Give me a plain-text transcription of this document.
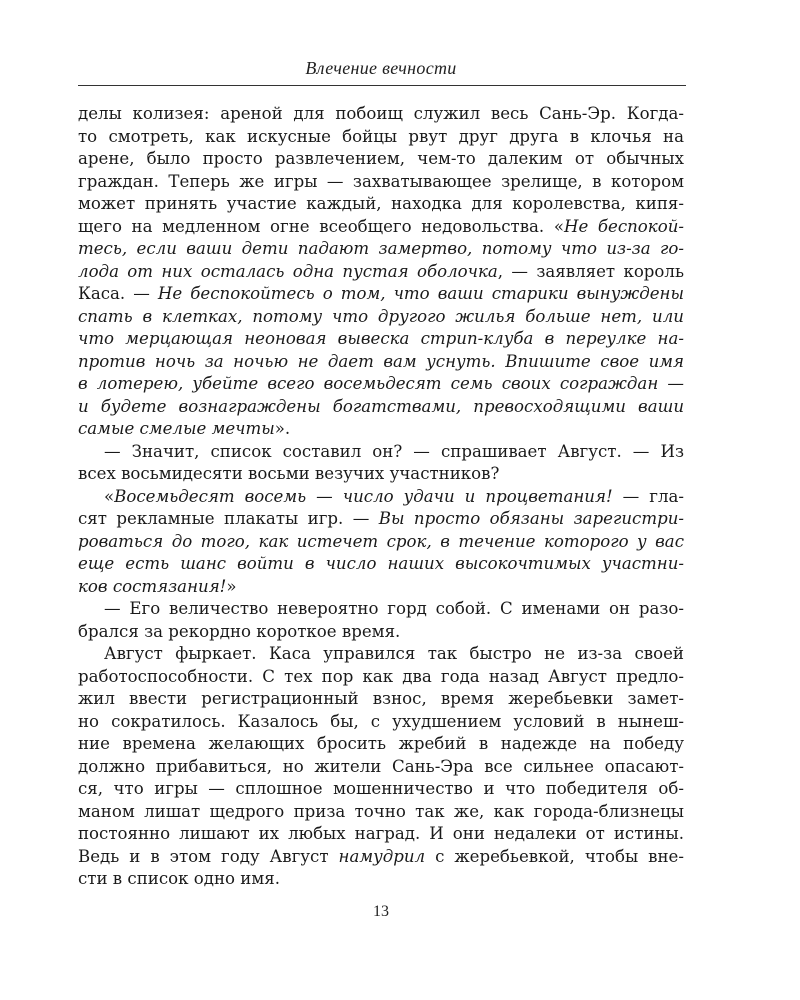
Влечение вечности
делы колизея: ареной для побоищ служил весь Сань-Эр. Когда-
то смотреть, как искусные бойцы рвут друг друга в клочья на
арене, было просто развлечением, чем-то далеким от обычных
граждан. Теперь же игры — захватывающее зрелище, в котором
может принять участие каждый, находка для королевства, кипя-
щего на медленном огне всеобщего недовольства. «Не беспокой-
тесь, если ваши дети падают замертво, потому что из-за го-
лода от них осталась одна пустая оболочка, — заявляет король
Каса. — Не беспокойтесь о том, что ваши старики вынуждены
спать в клетках, потому что другого жилья больше нет, или
что мерцающая неоновая вывеска стрип-клуба в переулке на-
против ночь за ночью не дает вам уснуть. Впишите свое имя
в лотерею, убейте всего восемьдесят семь своих сограждан —
и будете вознаграждены богатствами, превосходящими ваши
самые смелые мечты».
— Значит, список составил он? — спрашивает Август. — Из
всех восьмидесяти восьми везучих участников?
«Восемьдесят восемь — число удачи и процветания! — гла-
сят рекламные плакаты игр. — Вы просто обязаны зарегистри-
роваться до того, как истечет срок, в течение которого у вас
еще есть шанс войти в число наших высокочтимых участни-
ков состязания!»
— Его величество невероятно горд собой. С именами он разо-
брался за рекордно короткое время.
Август фыркает. Каса управился так быстро не из-за своей
работоспособности. С тех пор как два года назад Август предло-
жил ввести регистрационный взнос, время жеребьевки замет-
но сократилось. Казалось бы, с ухудшением условий в нынеш-
ние времена желающих бросить жребий в надежде на победу
должно прибавиться, но жители Сань-Эра все сильнее опасают-
ся, что игры — сплошное мошенничество и что победителя об-
маном лишат щедрого приза точно так же, как города-близнецы
постоянно лишают их любых наград. И они недалеки от истины.
Ведь и в этом году Август намудрил с жеребьевкой, чтобы вне-
сти в список одно имя.
13
